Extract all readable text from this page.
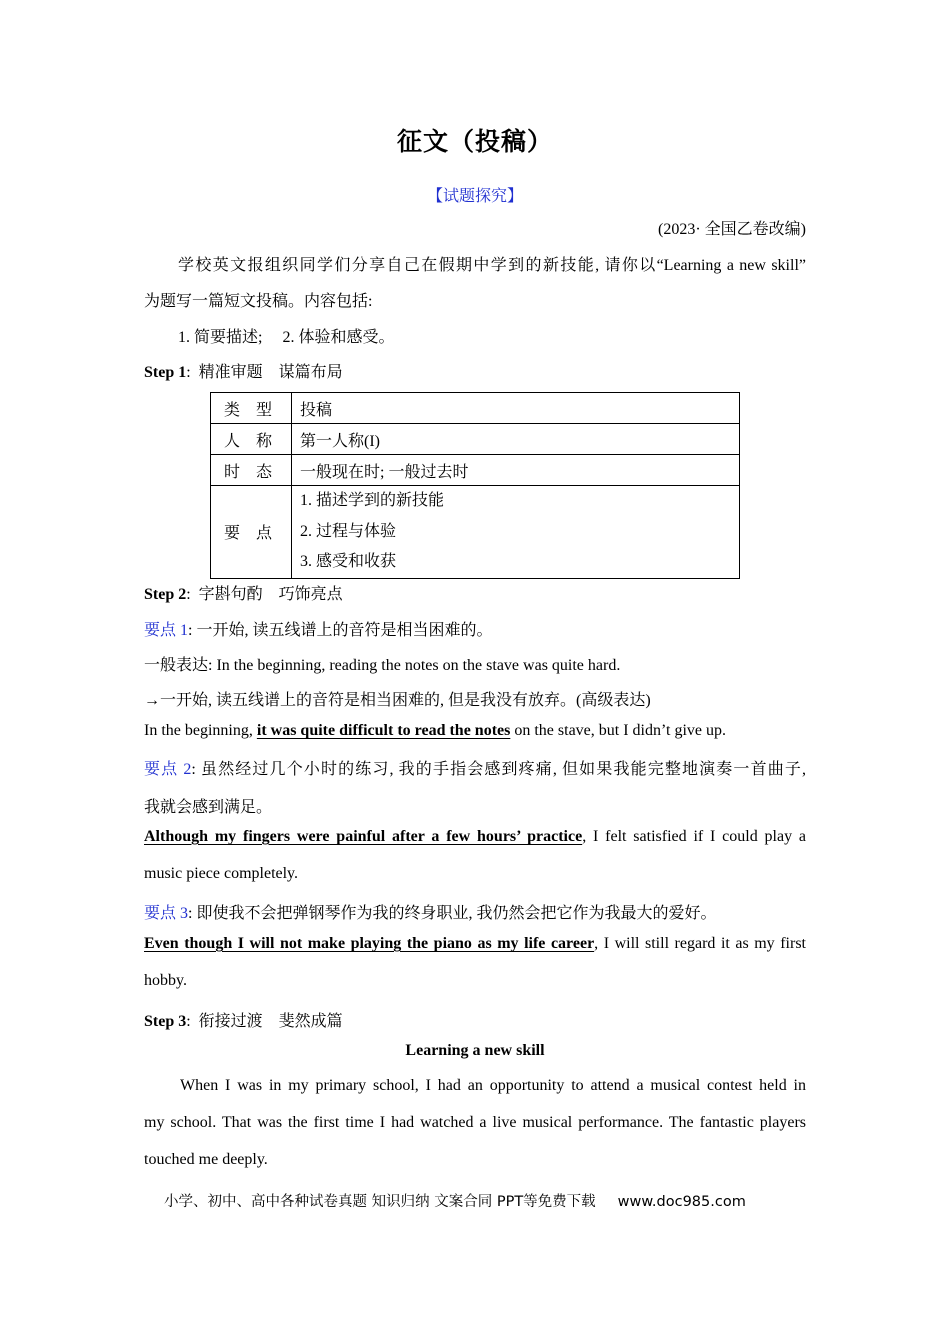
征文（投稿）
【试题探究】
(2023· 全国乙卷改编)
学校英文报组织同学们分享自己在假期中学到的新技能, 请你以“Learning a new skill”
为题写一篇短文投稿。内容包括:
1. 简要描述;     2. 体验和感受。
Step 1:  精准审题    谋篇布局
类 型	投稿
人 称	第一人称(I)
时 态	一般现在时; 一般过去时
要 点	1. 描述学到的新技能
2. 过程与体验
3. 感受和收获
Step 2:  字斟句酌    巧饰亮点
要点 1: 一开始, 读五线谱上的音符是相当困难的。
一般表达: In the beginning, reading the notes on the stave was quite hard.
→一开始, 读五线谱上的音符是相当困难的, 但是我没有放弃。(高级表达)
In the beginning, it was quite difficult to read the notes on the stave, but I didn’t give up.
要点 2: 虽然经过几个小时的练习, 我的手指会感到疼痛, 但如果我能完整地演奏一首曲子,
我就会感到满足。
Although my fingers were painful after a few hours’ practice, I felt satisfied if I could play a
music piece completely.
要点 3: 即使我不会把弹钢琴作为我的终身职业, 我仍然会把它作为我最大的爱好。
Even though I will not make playing the piano as my life career, I will still regard it as my first
hobby.
Step 3:  衔接过渡    斐然成篇
Learning a new skill
When I was in my primary school, I had an opportunity to attend a musical contest held in
my school. That was the first time I had watched a live musical performance. The fantastic players
touched me deeply.
小学、初中、高中各种试卷真题 知识归纳 文案合同 PPT等免费下载 www.doc985.com
